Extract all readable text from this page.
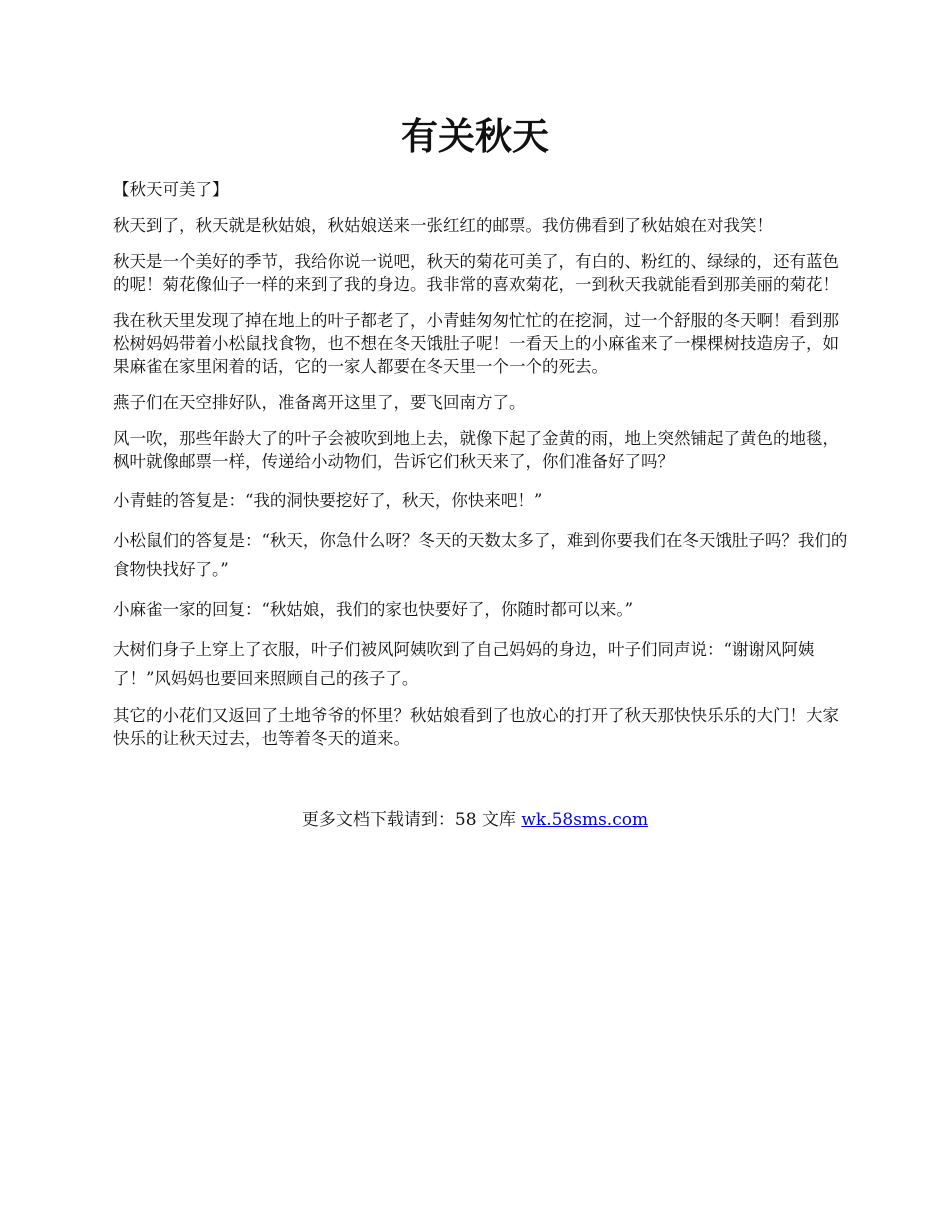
有关秋天

【秋天可美了】

秋天到了，秋天就是秋姑娘，秋姑娘送来一张红红的邮票。我仿佛看到了秋姑娘在对我笑！

秋天是一个美好的季节，我给你说一说吧，秋天的菊花可美了，有白的、粉红的、绿绿的，还有蓝色的呢！菊花像仙子一样的来到了我的身边。我非常的喜欢菊花，一到秋天我就能看到那美丽的菊花！

我在秋天里发现了掉在地上的叶子都老了，小青蛙匆匆忙忙的在挖洞，过一个舒服的冬天啊！看到那松树妈妈带着小松鼠找食物，也不想在冬天饿肚子呢！一看天上的小麻雀来了一棵棵树技造房子，如果麻雀在家里闲着的话，它的一家人都要在冬天里一个一个的死去。

燕子们在天空排好队，准备离开这里了，要飞回南方了。

风一吹，那些年龄大了的叶子会被吹到地上去，就像下起了金黄的雨，地上突然铺起了黄色的地毯，枫叶就像邮票一样，传递给小动物们，告诉它们秋天来了，你们准备好了吗？

小青蛙的答复是：“我的洞快要挖好了，秋天，你快来吧！”

小松鼠们的答复是：“秋天，你急什么呀？冬天的天数太多了，难到你要我们在冬天饿肚子吗？我们的食物快找好了。”

小麻雀一家的回复：“秋姑娘，我们的家也快要好了，你随时都可以来。”

大树们身子上穿上了衣服，叶子们被风阿姨吹到了自己妈妈的身边，叶子们同声说：“谢谢风阿姨了！”风妈妈也要回来照顾自己的孩子了。

其它的小花们又返回了土地爷爷的怀里？秋姑娘看到了也放心的打开了秋天那快快乐乐的大门！大家快乐的让秋天过去，也等着冬天的道来。

更多文档下载请到：58 文库 wk.58sms.com
